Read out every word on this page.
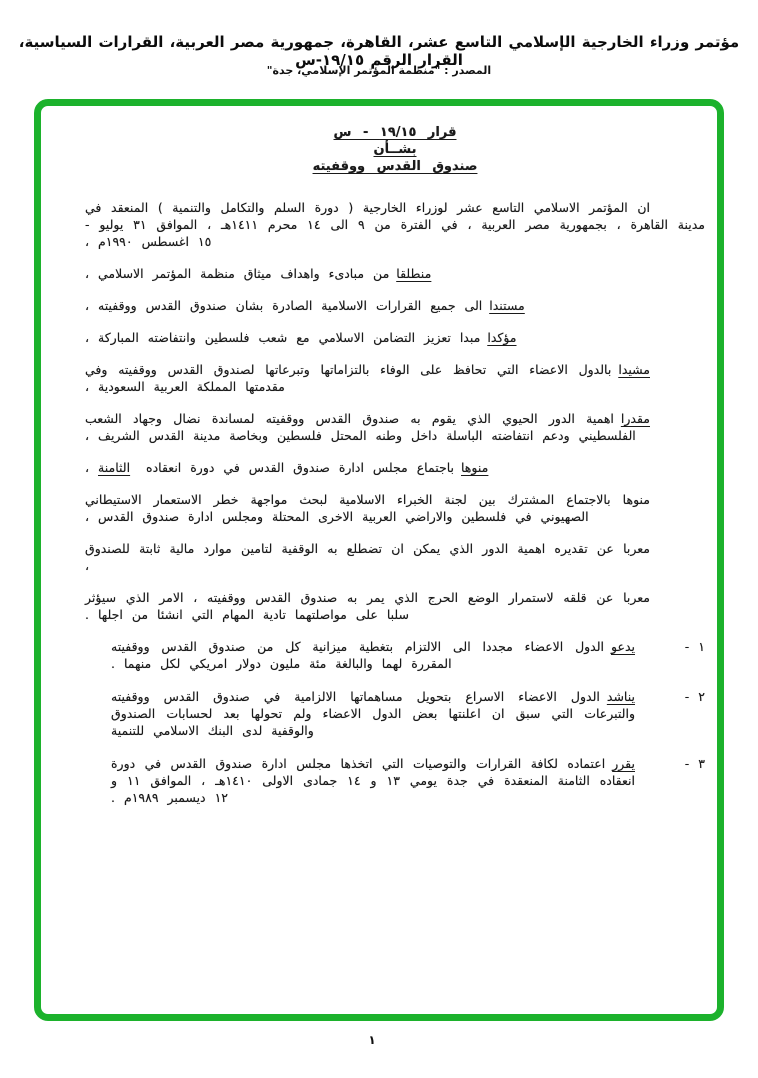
مؤتمر وزراء الخارجية الإسلامي التاسع عشر، القاهرة، جمهورية مصر العربية، القرارات السياسية، القرار الرقم ١٩/١٥-س
المصدر : "منظمة المؤتمر الإسلامي، جدة"
قرار ١٩/١٥ - س
بشــأن
صندوق القدس ووقفيته

ان المؤتمر الاسلامي التاسع عشر لوزراء الخارجية ( دورة السلم والتكامل والتنمية ) المنعقد في مدينة القاهرة ، بجمهورية مصر العربية ، في الفترة من ٩ الى ١٤ محرم ١٤١١هـ ، الموافق ٣١ يوليو - ١٥ اغسطس ١٩٩٠م ،

منطلقامن مبادىء واهداف ميثاق منظمة المؤتمر الاسلامي ،

مستنداالى جميع القرارات الاسلامية الصادرة بشان صندوق القدس ووقفيته ،

مؤكدامبدا تعزيز التضامن الاسلامي مع شعب فلسطين وانتفاضته المباركة ،

مشيدابالدول الاعضاء التي تحافظ على الوفاء بالتزاماتها وتبرعاتها لصندوق القدس ووقفيته وفي مقدمتها المملكة العربية السعودية ،

مقدرااهمية الدور الحيوي الذي يقوم به صندوق القدس ووقفيته لمساندة نضال وجهاد الشعب الفلسطيني ودعم انتفاضته الباسلة داخل وطنه المحتل فلسطين وبخاصة مدينة القدس الشريف ،

منوهاباجتماع مجلس ادارة صندوق القدس في دورة انعقاده الثامنة ،

منوها بالاجتماع المشترك بين لجنة الخبراء الاسلامية لبحث مواجهة خطر الاستعمار الاستيطاني الصهيوني في فلسطين والاراضي العربية الاخرى المحتلة ومجلس ادارة صندوق القدس ،

معربا عن تقديره اهمية الدور الذي يمكن ان تضطلع به الوقفية لتامين موارد مالية ثابتة للصندوق ،

معربا عن قلقه لاستمرار الوضع الحرج الذي يمر به صندوق القدس ووقفيته ، الامر الذي سيؤثر سلبا على مواصلتهما تادية المهام التي انشئا من اجلها .

١ -
يدعوالدول الاعضاء مجددا الى الالتزام بتغطية ميزانية كل من صندوق القدس ووقفيته المقررة لهما والبالغة مئة مليون دولار امريكي لكل منهما .
٢ -
يناشدالدول الاعضاء الاسراع بتحويل مساهماتها الالزامية في صندوق القدس ووقفيته والتبرعات التي سبق ان اعلنتها بعض الدول الاعضاء ولم تحولها بعد لحسابات الصندوق والوقفية لدى البنك الاسلامي للتنمية
٣ -
يقرراعتماده لكافة القرارات والتوصيات التي اتخذها مجلس ادارة صندوق القدس في دورة انعقاده الثامنة المنعقدة في جدة يومي ١٣ و ١٤ جمادى الاولى ١٤١٠هـ ، الموافق ١١ و ١٢ ديسمبر ١٩٨٩م .
١
